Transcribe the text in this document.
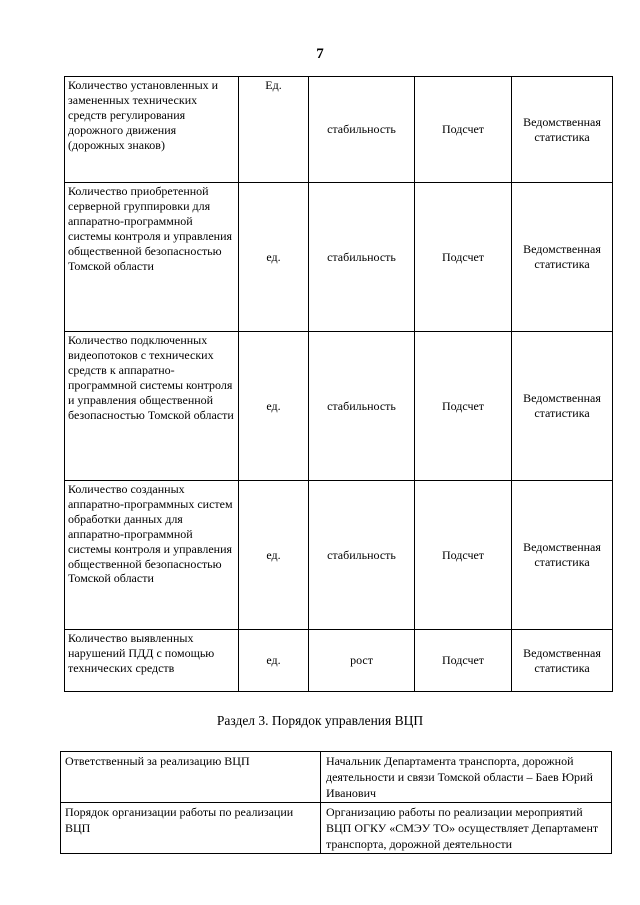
7
Количество установленных и замененных технических средств регулирования дорожного движения (дорожных знаков)	Ед.	стабильность	Подсчет	Ведомственная статистика
Количество приобретенной серверной группировки для аппаратно-программной системы контроля и управления общественной безопасностью Томской области	ед.	стабильность	Подсчет	Ведомственная статистика
Количество подключенных видеопотоков с технических средств к аппаратно-программной системы контроля и управления общественной безопасностью Томской области	ед.	стабильность	Подсчет	Ведомственная статистика
Количество созданных аппаратно-программных систем обработки данных для аппаратно-программной системы контроля и управления общественной безопасностью Томской области	ед.	стабильность	Подсчет	Ведомственная статистика
Количество выявленных нарушений ПДД с помощью технических средств	ед.	рост	Подсчет	Ведомственная статистика
Раздел 3. Порядок управления ВЦП
Ответственный за реализацию ВЦП	Начальник Департамента транспорта, дорожной деятельности и связи Томской области – Баев Юрий Иванович
Порядок организации работы по реализации ВЦП	Организацию работы по реализации мероприятий ВЦП ОГКУ «СМЭУ ТО» осуществляет Департамент транспорта, дорожной деятельности
